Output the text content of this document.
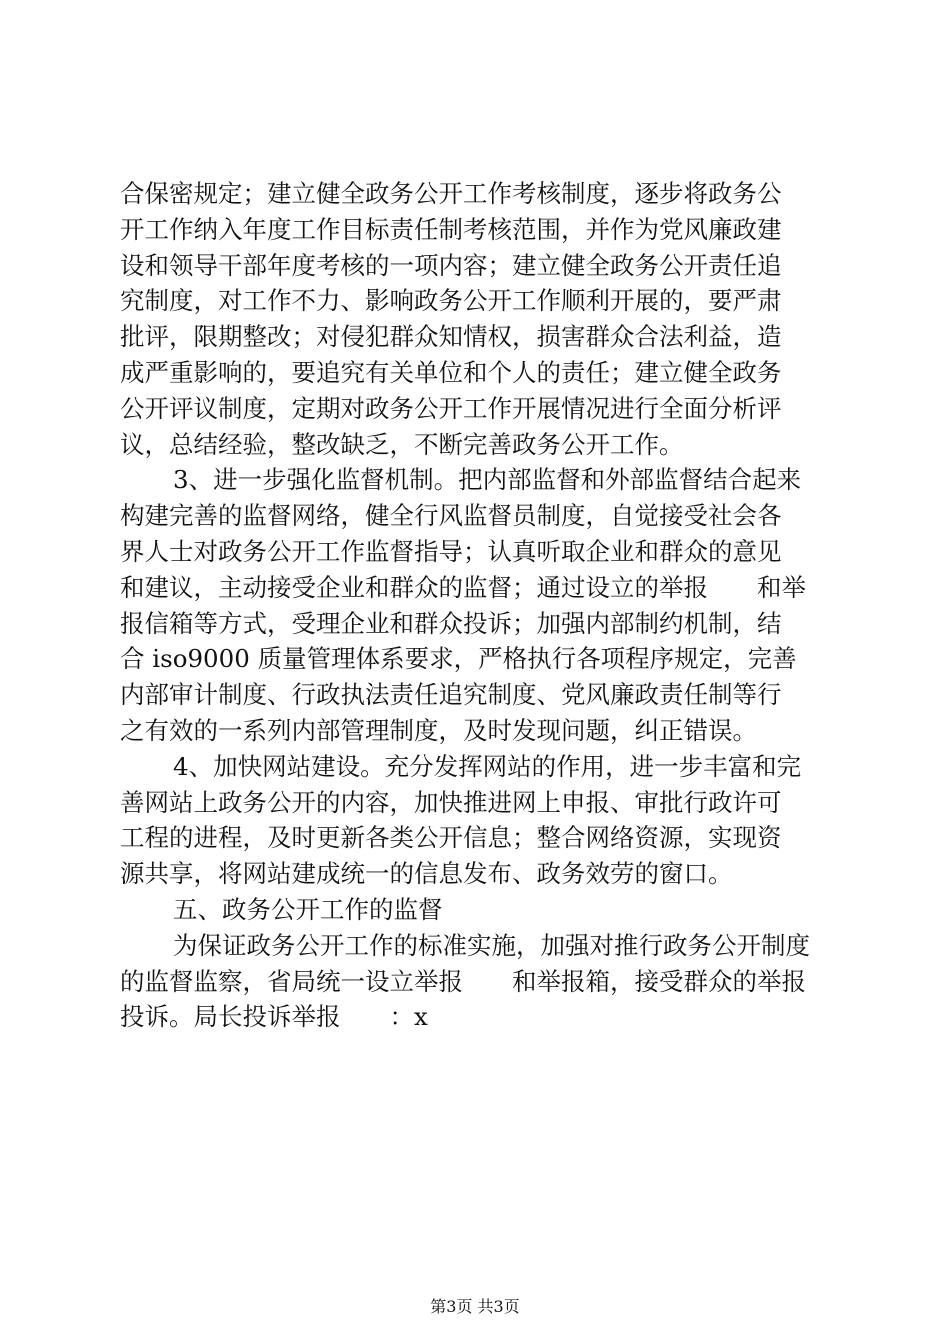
合保密规定；建立健全政务公开工作考核制度，逐步将政务公
开工作纳入年度工作目标责任制考核范围，并作为党风廉政建
设和领导干部年度考核的一项内容；建立健全政务公开责任追
究制度，对工作不力、影响政务公开工作顺利开展的，要严肃
批评，限期整改；对侵犯群众知情权，损害群众合法利益，造
成严重影响的，要追究有关单位和个人的责任；建立健全政务
公开评议制度，定期对政务公开工作开展情况进行全面分析评
议，总结经验，整改缺乏，不断完善政务公开工作。
3、进一步强化监督机制。把内部监督和外部监督结合起来
构建完善的监督网络，健全行风监督员制度，自觉接受社会各
界人士对政务公开工作监督指导；认真听取企业和群众的意见
和建议，主动接受企业和群众的监督；通过设立的举报　　和举
报信箱等方式，受理企业和群众投诉；加强内部制约机制，结
合 iso9000 质量管理体系要求，严格执行各项程序规定，完善
内部审计制度、行政执法责任追究制度、党风廉政责任制等行
之有效的一系列内部管理制度，及时发现问题，纠正错误。
4、加快网站建设。充分发挥网站的作用，进一步丰富和完
善网站上政务公开的内容，加快推进网上申报、审批行政许可
工程的进程，及时更新各类公开信息；整合网络资源，实现资
源共享，将网站建成统一的信息发布、政务效劳的窗口。
五、政务公开工作的监督
为保证政务公开工作的标准实施，加强对推行政务公开制度
的监督监察，省局统一设立举报　　和举报箱，接受群众的举报
投诉。局长投诉举报　　：x
第3页 共3页
